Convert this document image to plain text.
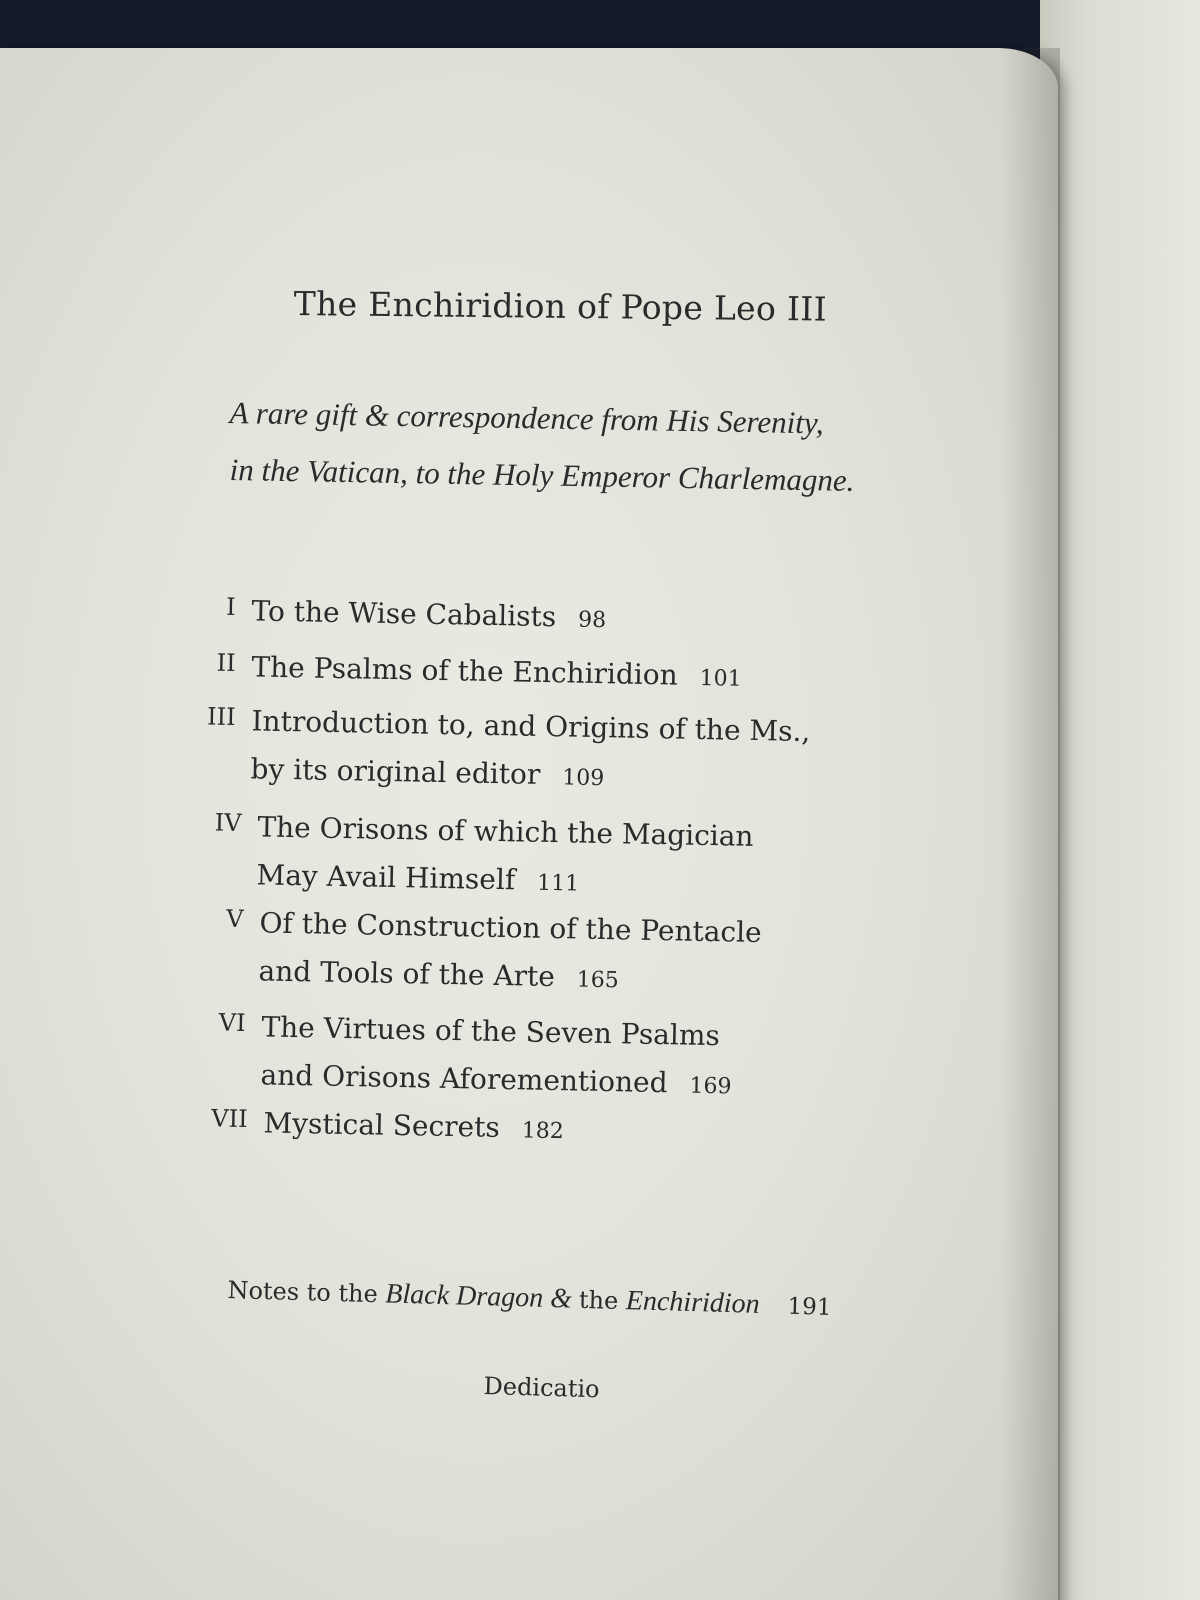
The Enchiridion of Pope Leo III
A rare gift & correspondence from His Serenity,
in the Vatican, to the Holy Emperor Charlemagne.
I To the Wise Cabalists 98
II The Psalms of the Enchiridion 101
III Introduction to, and Origins of the Ms.,
by its original editor 109
IV The Orisons of which the Magician
May Avail Himself 111
V Of the Construction of the Pentacle
and Tools of the Arte 165
VI The Virtues of the Seven Psalms
and Orisons Aforementioned 169
VII Mystical Secrets 182
Notes to the Black Dragon & the Enchiridion 191
Dedicatio
